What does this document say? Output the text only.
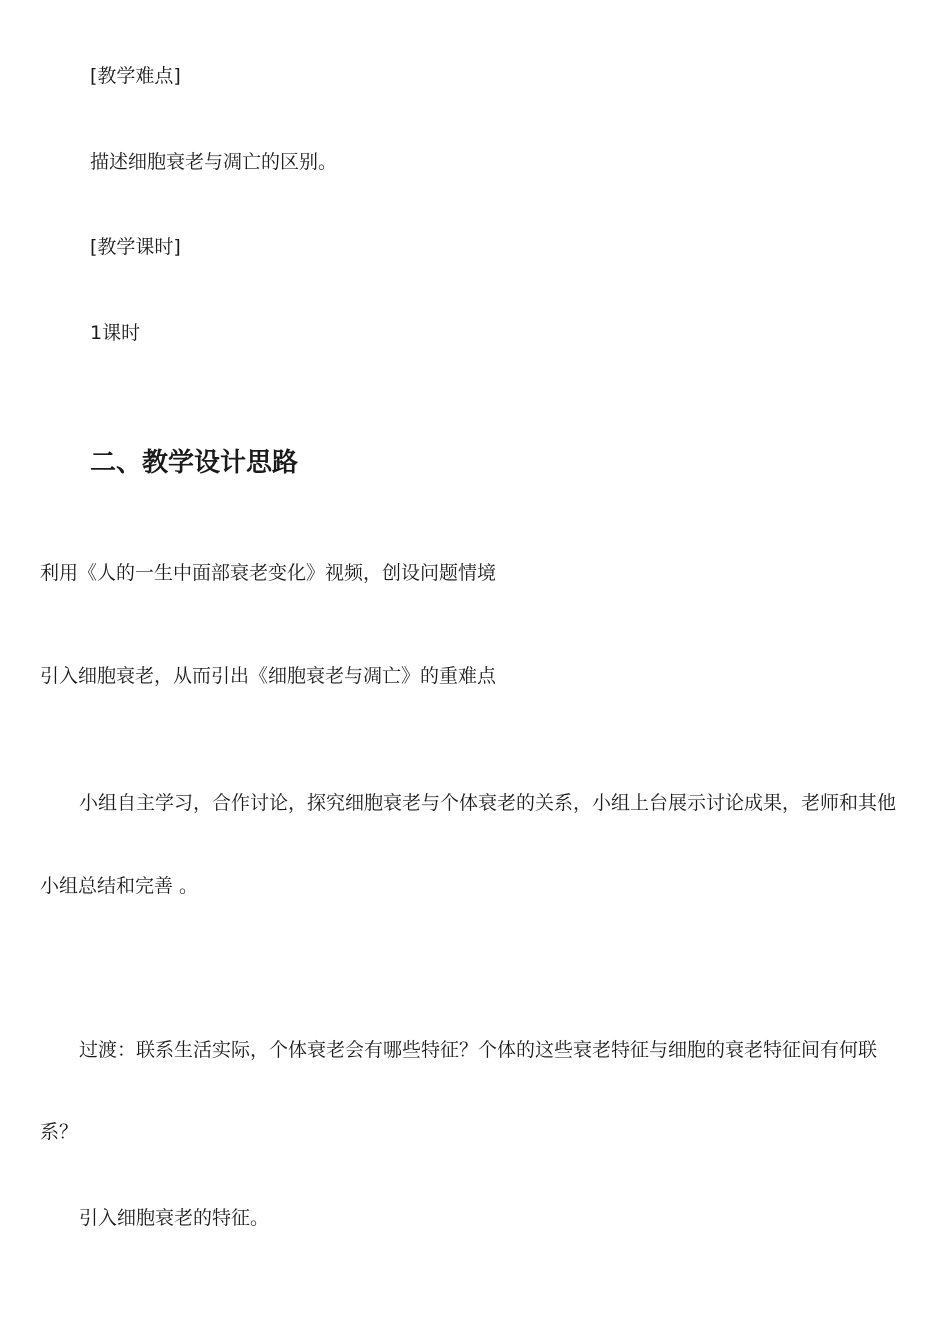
[教学难点]

描述细胞衰老与凋亡的区别。

[教学课时]

1课时

二、教学设计思路

利用《人的一生中面部衰老变化》视频，创设问题情境

引入细胞衰老，从而引出《细胞衰老与凋亡》的重难点

小组自主学习，合作讨论，探究细胞衰老与个体衰老的关系，小组上台展示讨论成果，老师和其他

小组总结和完善 。

过渡：联系生活实际，个体衰老会有哪些特征？个体的这些衰老特征与细胞的衰老特征间有何联

系？

引入细胞衰老的特征。
